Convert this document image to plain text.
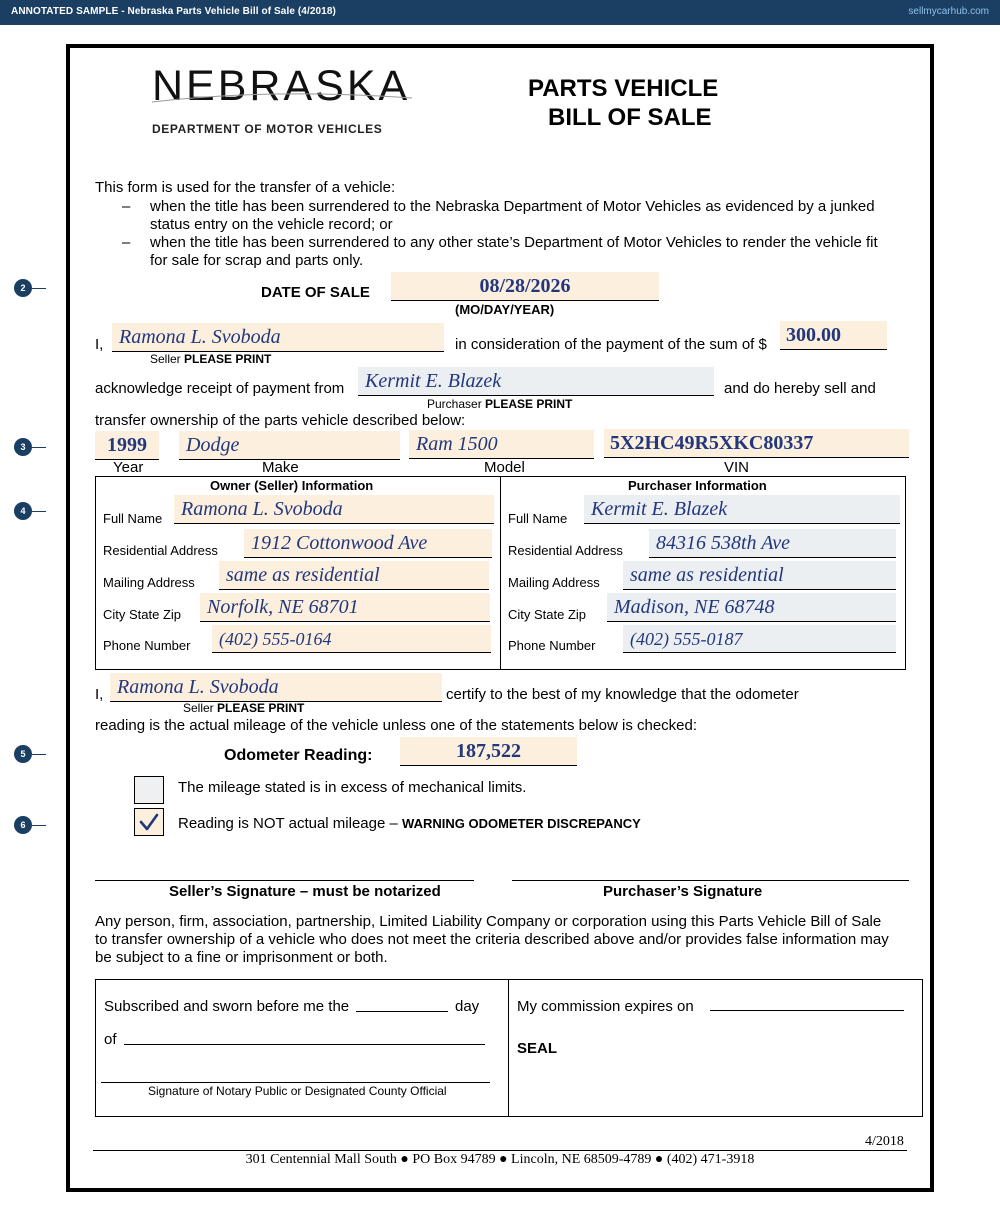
ANNOTATED SAMPLE - Nebraska Parts Vehicle Bill of Sale (4/2018)	sellmycarhub.com
NEBRASKA
DEPARTMENT OF MOTOR VEHICLES
PARTS VEHICLE
BILL OF SALE
This form is used for the transfer of a vehicle:
– when the title has been surrendered to the Nebraska Department of Motor Vehicles as evidenced by a junked
status entry on the vehicle record; or
– when the title has been surrendered to any other state’s Department of Motor Vehicles to render the vehicle fit
for sale for scrap and parts only.
2
3
4
5
6
DATE OF SALE	08/28/2026
(MO/DAY/YEAR)
I, Ramona L. Svoboda
Seller PLEASE PRINT
in consideration of the payment of the sum of $ 300.00
acknowledge receipt of payment from Kermit E. Blazek	and do hereby sell and
Purchaser PLEASE PRINT
transfer ownership of the parts vehicle described below:
1999	Dodge	Ram 1500	5X2HC49R5XKC80337
Year	Make	Model	VIN
Owner (Seller) Information	Purchaser Information
Full Name Ramona L. Svoboda
Residential Address 1912 Cottonwood Ave
Mailing Address same as residential
City State Zip Norfolk, NE 68701
Phone Number (402) 555-0164
Full Name Kermit E. Blazek
Residential Address 84316 538th Ave
Mailing Address same as residential
City State Zip Madison, NE 68748
Phone Number (402) 555-0187
I, Ramona L. Svoboda	certify to the best of my knowledge that the odometer
Seller PLEASE PRINT
reading is the actual mileage of the vehicle unless one of the statements below is checked:
Odometer Reading:	187,522
The mileage stated is in excess of mechanical limits.
Reading is NOT actual mileage – WARNING ODOMETER DISCREPANCY
Seller’s Signature – must be notarized	Purchaser’s Signature
Any person, firm, association, partnership, Limited Liability Company or corporation using this Parts Vehicle Bill of Sale
to transfer ownership of a vehicle who does not meet the criteria described above and/or provides false information may
be subject to a fine or imprisonment or both.
Subscribed and sworn before me the	day
of
Signature of Notary Public or Designated County Official
My commission expires on
SEAL
4/2018
301 Centennial Mall South ● PO Box 94789 ● Lincoln, NE 68509-4789 ● (402) 471-3918
